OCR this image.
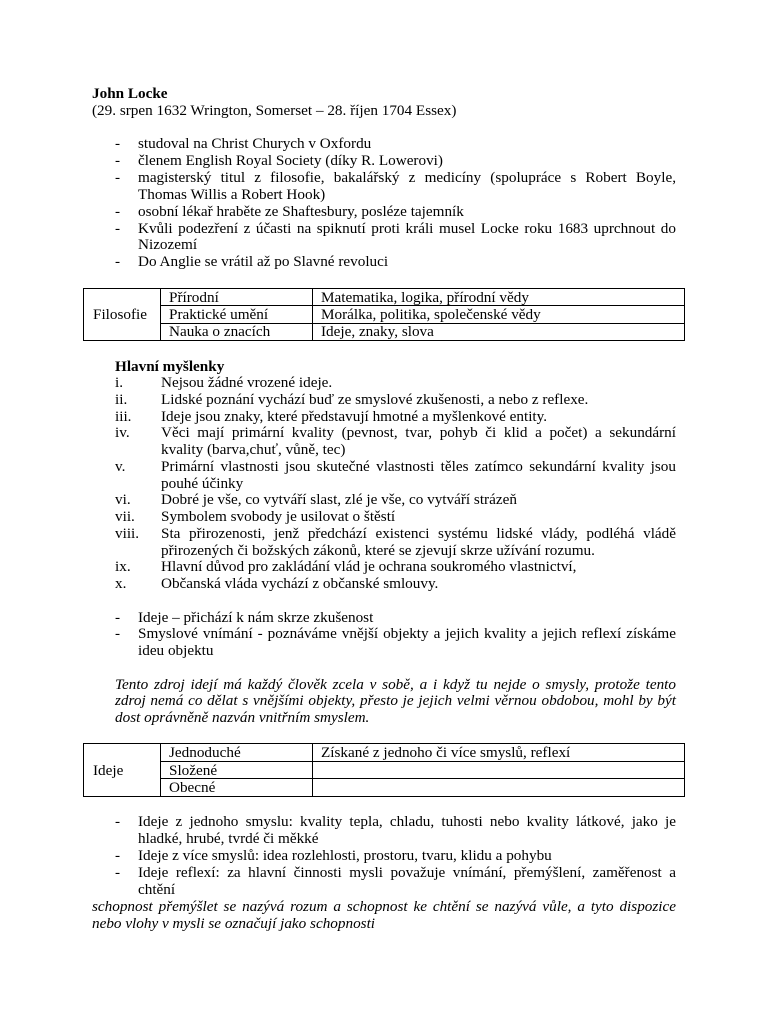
John Locke
(29. srpen 1632 Wrington, Somerset – 28. říjen 1704 Essex)
- studoval na Christ Churych v Oxfordu
- členem English Royal Society (díky R. Lowerovi)
- magisterský titul z filosofie, bakalářský z medicíny (spolupráce s Robert Boyle,
Thomas Willis a Robert Hook)
- osobní lékař hraběte ze Shaftesbury, posléze tajemník
- Kvůli podezření z účasti na spiknutí proti králi musel Locke roku 1683 uprchnout do
Nizozemí
- Do Anglie se vrátil až po Slavné revoluci
Filosofie	Přírodní	Matematika, logika, přírodní vědy
	Praktické umění	Morálka, politika, společenské vědy
	Nauka o znacích	Ideje, znaky, slova
Hlavní myšlenky
i. Nejsou žádné vrozené ideje.
ii. Lidské poznání vychází buď ze smyslové zkušenosti, a nebo z reflexe.
iii. Ideje jsou znaky, které představují hmotné a myšlenkové entity.
iv. Věci mají primární kvality (pevnost, tvar, pohyb či klid a počet) a sekundární
kvality (barva,chuť, vůně, tec)
v. Primární vlastnosti jsou skutečné vlastnosti těles zatímco sekundární kvality jsou
pouhé účinky
vi. Dobré je vše, co vytváří slast, zlé je vše, co vytváří strázeň
vii. Symbolem svobody je usilovat o štěstí
viii. Sta přirozenosti, jenž předchází existenci systému lidské vlády, podléhá vládě
přirozených či božských zákonů, které se zjevují skrze užívání rozumu.
ix. Hlavní důvod pro zakládání vlád je ochrana soukromého vlastnictví,
x. Občanská vláda vychází z občanské smlouvy.
- Ideje – přichází k nám skrze zkušenost
- Smyslové vnímání - poznáváme vnější objekty a jejich kvality a jejich reflexí získáme
ideu objektu
Tento zdroj idejí má každý člověk zcela v sobě, a i když tu nejde o smysly, protože tento
zdroj nemá co dělat s vnějšími objekty, přesto je jejich velmi věrnou obdobou, mohl by být
dost oprávněně nazván vnitřním smyslem.
Ideje	Jednoduché	Získané z jednoho či více smyslů, reflexí
	Složené	
	Obecné	
- Ideje z jednoho smyslu: kvality tepla, chladu, tuhosti nebo kvality látkové, jako je
hladké, hrubé, tvrdé či měkké
- Ideje z více smyslů: idea rozlehlosti, prostoru, tvaru, klidu a pohybu
- Ideje reflexí: za hlavní činnosti mysli považuje vnímání, přemýšlení, zaměřenost a
chtění
schopnost přemýšlet se nazývá rozum a schopnost ke chtění se nazývá vůle, a tyto dispozice
nebo vlohy v mysli se označují jako schopnosti
